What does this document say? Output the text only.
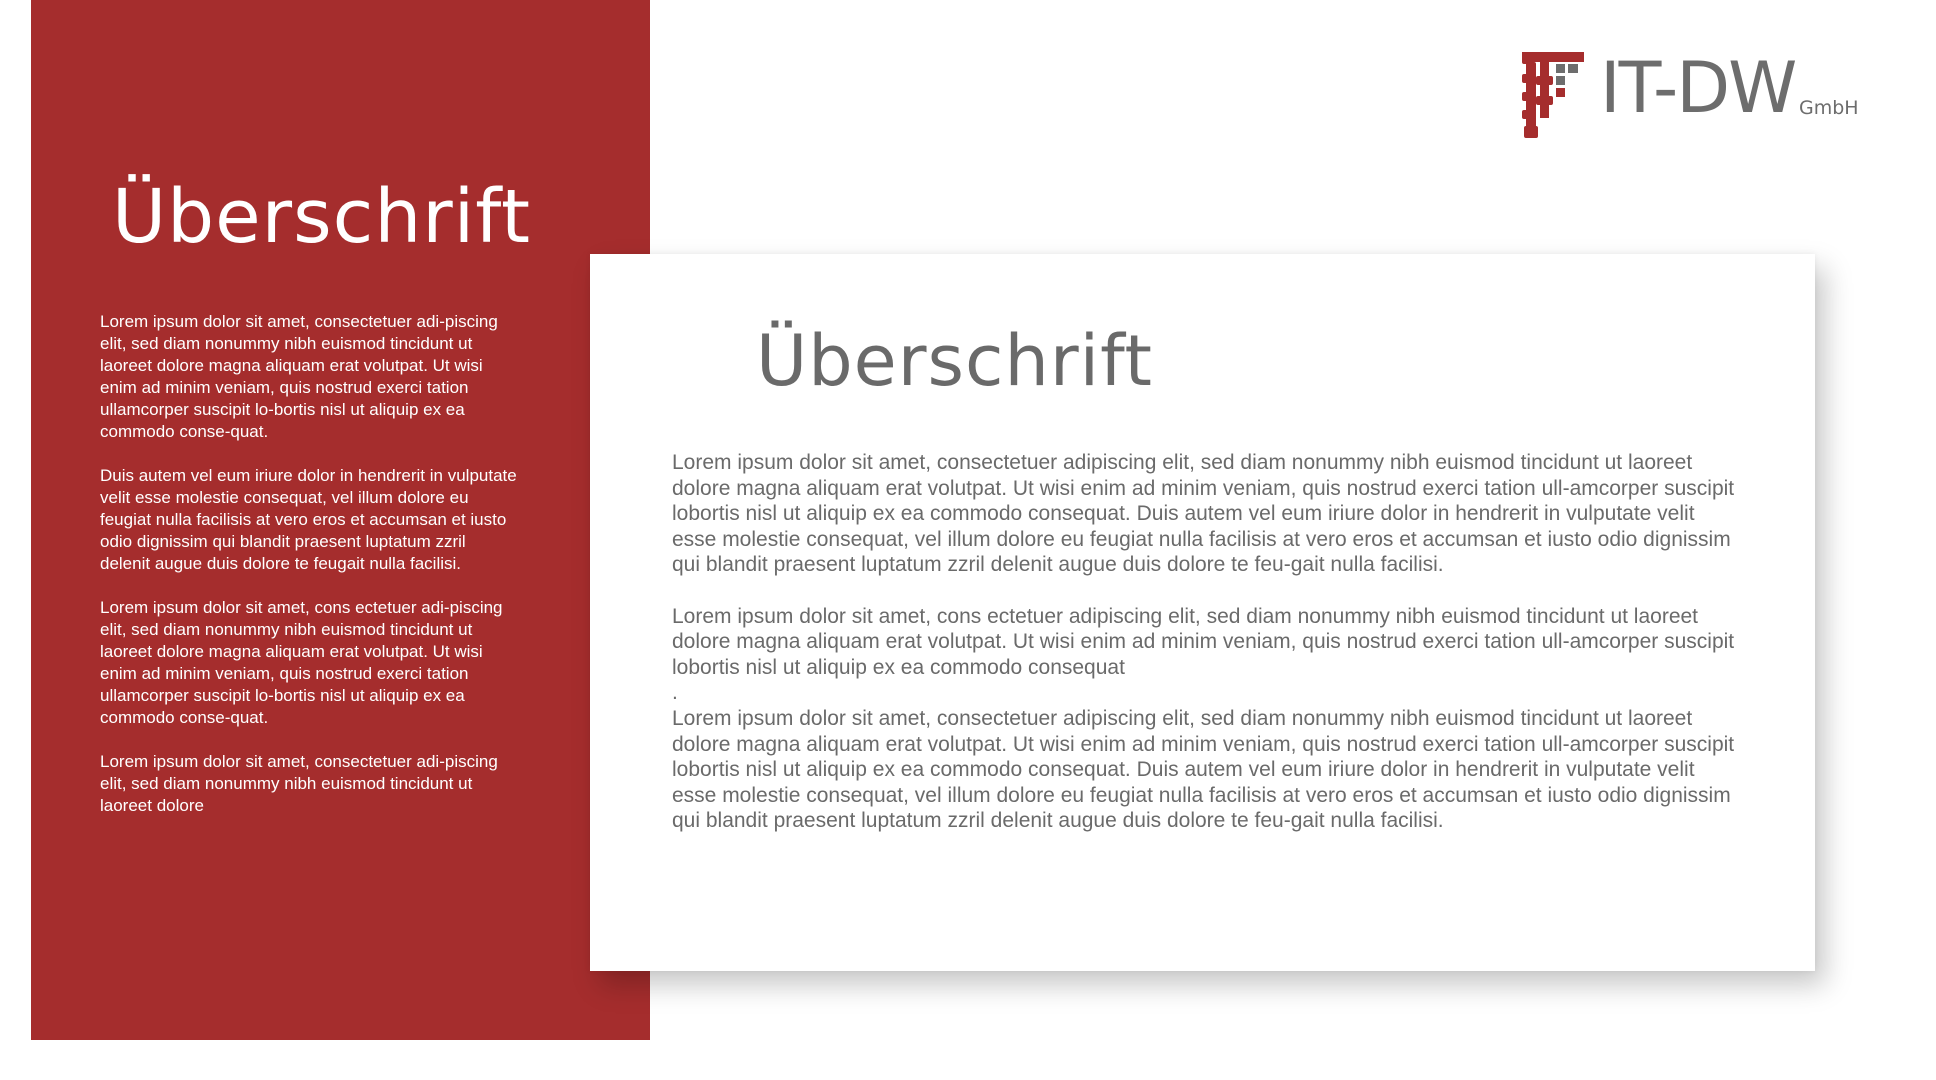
Überschrift

Lorem ipsum dolor sit amet, consectetuer adi-piscing elit, sed diam nonummy nibh euismod tincidunt ut laoreet dolore magna aliquam erat volutpat. Ut wisi enim ad minim veniam, quis nostrud exerci tation ullamcorper suscipit lo-bortis nisl ut aliquip ex ea commodo conse-quat.

Duis autem vel eum iriure dolor in hendrerit in vulputate velit esse molestie consequat, vel illum dolore eu feugiat nulla facilisis at vero eros et accumsan et iusto odio dignissim qui blandit praesent luptatum zzril delenit augue duis dolore te feugait nulla facilisi.

Lorem ipsum dolor sit amet, cons ectetuer adi-piscing elit, sed diam nonummy nibh euismod tincidunt ut laoreet dolore magna aliquam erat volutpat. Ut wisi enim ad minim veniam, quis nostrud exerci tation ullamcorper suscipit lo-bortis nisl ut aliquip ex ea commodo conse-quat.

Lorem ipsum dolor sit amet, consectetuer adi-piscing elit, sed diam nonummy nibh euismod tincidunt ut laoreet dolore

Überschrift

Lorem ipsum dolor sit amet, consectetuer adipiscing elit, sed diam nonummy nibh euismod tincidunt ut laoreet dolore magna aliquam erat volutpat. Ut wisi enim ad minim veniam, quis nostrud exerci tation ull-amcorper suscipit lobortis nisl ut aliquip ex ea commodo consequat. Duis autem vel eum iriure dolor in hendrerit in vulputate velit esse molestie consequat, vel illum dolore eu feugiat nulla facilisis at vero eros et accumsan et iusto odio dignissim qui blandit praesent luptatum zzril delenit augue duis dolore te feu-gait nulla facilisi.

Lorem ipsum dolor sit amet, cons ectetuer adipiscing elit, sed diam nonummy nibh euismod tincidunt ut laoreet dolore magna aliquam erat volutpat. Ut wisi enim ad minim veniam, quis nostrud exerci tation ull-amcorper suscipit lobortis nisl ut aliquip ex ea commodo consequat

.

Lorem ipsum dolor sit amet, consectetuer adipiscing elit, sed diam nonummy nibh euismod tincidunt ut laoreet dolore magna aliquam erat volutpat. Ut wisi enim ad minim veniam, quis nostrud exerci tation ull-amcorper suscipit lobortis nisl ut aliquip ex ea commodo consequat. Duis autem vel eum iriure dolor in hendrerit in vulputate velit esse molestie consequat, vel illum dolore eu feugiat nulla facilisis at vero eros et accumsan et iusto odio dignissim qui blandit praesent luptatum zzril delenit augue duis dolore te feu-gait nulla facilisi.

IT-DW GmbH
